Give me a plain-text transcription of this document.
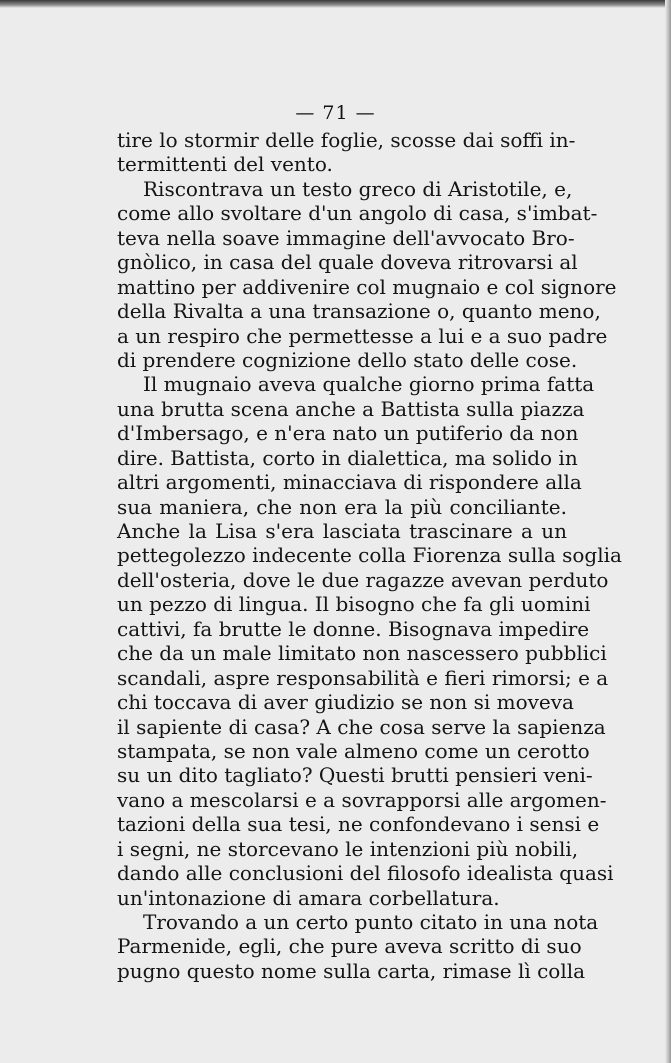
— 71 —
tire lo stormir delle foglie, scosse dai soffi in-
termittenti del vento.
Riscontrava un testo greco di Aristotile, e,
come allo svoltare d'un angolo di casa, s'imbat-
teva nella soave immagine dell'avvocato Bro-
gnòlico, in casa del quale doveva ritrovarsi al
mattino per addivenire col mugnaio e col signore
della Rivalta a una transazione o, quanto meno,
a un respiro che permettesse a lui e a suo padre
di prendere cognizione dello stato delle cose.
Il mugnaio aveva qualche giorno prima fatta
una brutta scena anche a Battista sulla piazza
d'Imbersago, e n'era nato un putiferio da non
dire. Battista, corto in dialettica, ma solido in
altri argomenti, minacciava di rispondere alla
sua maniera, che non era la più conciliante.
Anche la Lisa s'era lasciata trascinare a un
pettegolezzo indecente colla Fiorenza sulla soglia
dell'osteria, dove le due ragazze avevan perduto
un pezzo di lingua. Il bisogno che fa gli uomini
cattivi, fa brutte le donne. Bisognava impedire
che da un male limitato non nascessero pubblici
scandali, aspre responsabilità e fieri rimorsi; e a
chi toccava di aver giudizio se non si moveva
il sapiente di casa? A che cosa serve la sapienza
stampata, se non vale almeno come un cerotto
su un dito tagliato? Questi brutti pensieri veni-
vano a mescolarsi e a sovrapporsi alle argomen-
tazioni della sua tesi, ne confondevano i sensi e
i segni, ne storcevano le intenzioni più nobili,
dando alle conclusioni del filosofo idealista quasi
un'intonazione di amara corbellatura.
Trovando a un certo punto citato in una nota
Parmenide, egli, che pure aveva scritto di suo
pugno questo nome sulla carta, rimase lì colla
